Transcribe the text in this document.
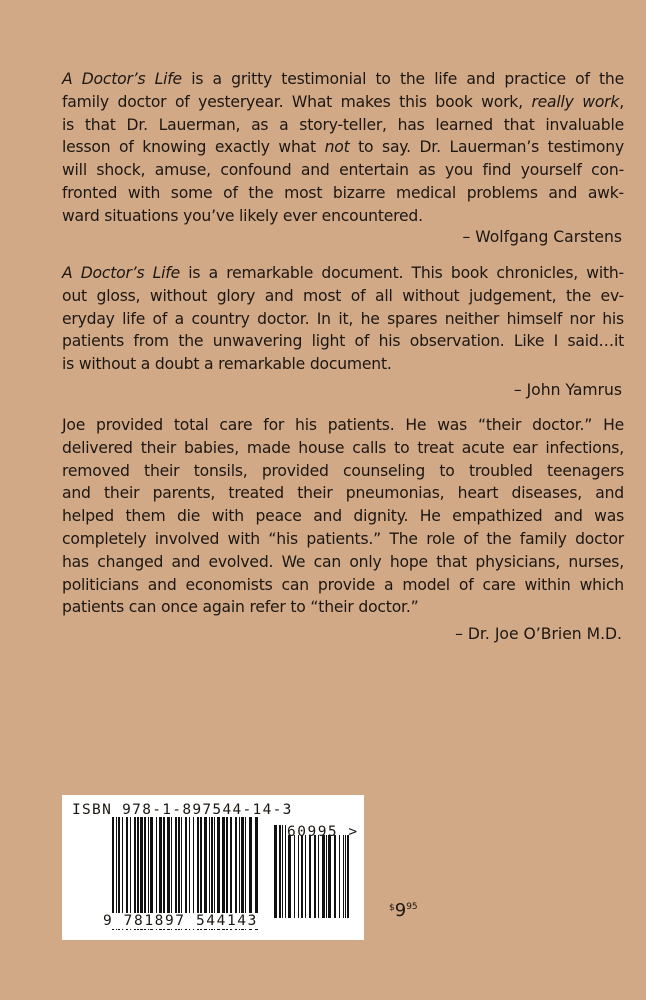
A Doctor’s Life is a gritty testimonial to the life and practice of the
family doctor of yesteryear. What makes this book work, really work,
is that Dr. Lauerman, as a story-teller, has learned that invaluable
lesson of knowing exactly what not to say. Dr. Lauerman’s testimony
will shock, amuse, confound and entertain as you find yourself con-
fronted with some of the most bizarre medical problems and awk-
ward situations you’ve likely ever encountered.
– Wolfgang Carstens
A Doctor’s Life is a remarkable document. This book chronicles, with-
out gloss, without glory and most of all without judgement, the ev-
eryday life of a country doctor. In it, he spares neither himself nor his
patients from the unwavering light of his observation. Like I said…it
is without a doubt a remarkable document.
– John Yamrus
Joe provided total care for his patients. He was “their doctor.” He
delivered their babies, made house calls to treat acute ear infections,
removed their tonsils, provided counseling to troubled teenagers
and their parents, treated their pneumonias, heart diseases, and
helped them die with peace and dignity. He empathized and was
completely involved with “his patients.” The role of the family doctor
has changed and evolved. We can only hope that physicians, nurses,
politicians and economists can provide a model of care within which
patients can once again refer to “their doctor.”
– Dr. Joe O’Brien M.D.
ISBN 978-1-897544-14-3
60995 >
9 781897 544143
$^{\$}9^{95}$
